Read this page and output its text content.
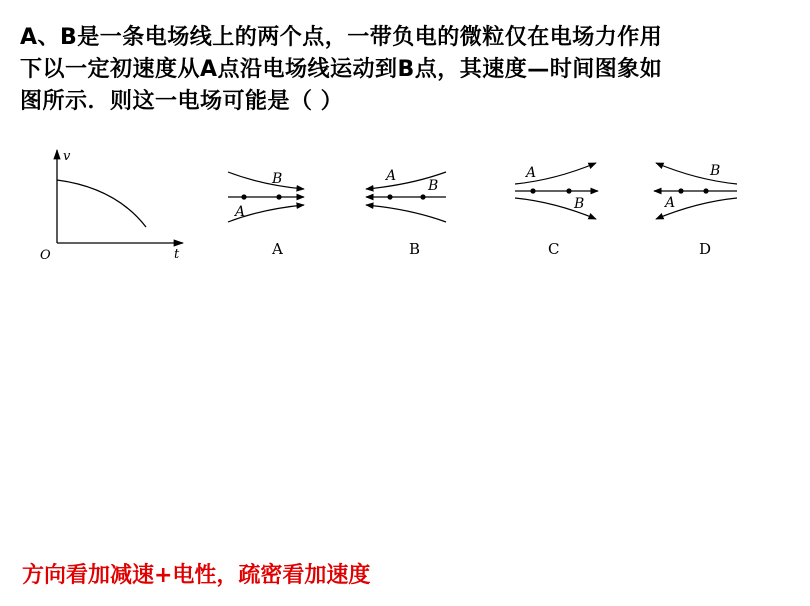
A、B是一条电场线上的两个点，一带负电的微粒仅在电场力作用
下以一定初速度从A点沿电场线运动到B点，其速度—时间图象如
图所示．则这一电场可能是（ ）
v
t
O
B
A
A
A
B
B
A
B
C
B
A
D
方向看加减速+电性，疏密看加速度
